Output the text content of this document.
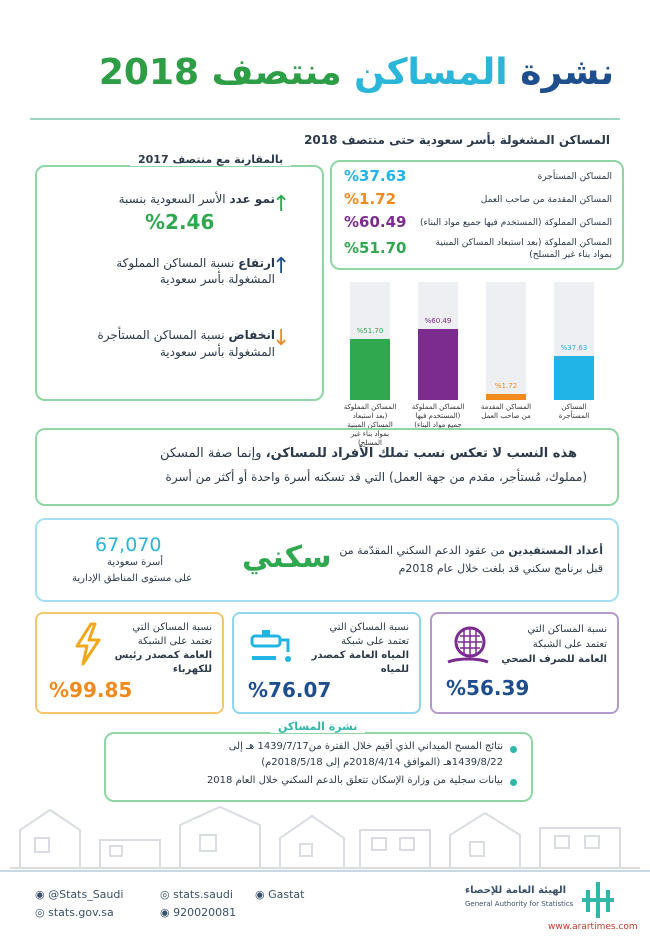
نشرة المساكن منتصف 2018
المساكن المشغولة بأسر سعودية حتى منتصف 2018
المساكن المستأجرة
%37.63
المساكن المقدمة من صاحب العمل
%1.72
المساكن المملوكة (المستخدم فيها جميع مواد البناء)
%60.49
المساكن المملوكة (بعد استبعاد المساكن المبنية
بمواد بناء غير المسلح)
%51.70
%51.70
المساكن المملوكة (بعد استبعاد المساكن المبنية بمواد بناء غير المسلح)
%60.49
المساكن المملوكة (المستخدم فيها جميع مواد البناء)
%1.72
المساكن المقدمة من صاحب العمل
%37.63
المساكن المستأجرة
بالمقارنة مع منتصف 2017
نمو عدد الأسر السعودية بنسبة
%2.46
↑
ارتفاع نسبة المساكن المملوكة
المشغولة بأسر سعودية
↑
انخفاض نسبة المساكن المستأجرة
المشغولة بأسر سعودية
↓
هذه النسب لا تعكس نسب تملك الأفراد للمساكن، وإنما صفة المسكن
(مملوك، مُستأجر، مقدم من جهة العمل) التي قد تسكنه أسرة واحدة أو أكثر من أسرة
أعداد المستفيدين من عقود الدعم السكني المقدّمة من
قبل برنامج سكني قد بلغت خلال عام 2018م
سكني
67,070
أسرة سعودية
على مستوى المناطق الإدارية
نسبة المساكن التي
تعتمد على الشبكة
العامة للصرف الصحي
%56.39
نسبة المساكن التي
تعتمد على شبكة
المياه العامة كمصدر
للمياه
%76.07
نسبة المساكن التي
تعتمد على الشبكة
العامة كمصدر رئيس
للكهرباء
%99.85
نتائج المسح الميداني الذي أقيم خلال الفترة من1439/7/17 هـ إلى
1439/8/22هـ (الموافق 2018/4/14م إلى 2018/5/18م)
بيانات سجلية من وزارة الإسكان تتعلق بالدعم السكني خلال العام 2018
نشرة المساكن
◉ @Stats_Saudi	◎ stats.saudi ◉ Gastat
◎ stats.gov.sa	◉ 920020081
الهيئة العامة للإحصاء
General Authority for Statistics
www.arartimes.com
